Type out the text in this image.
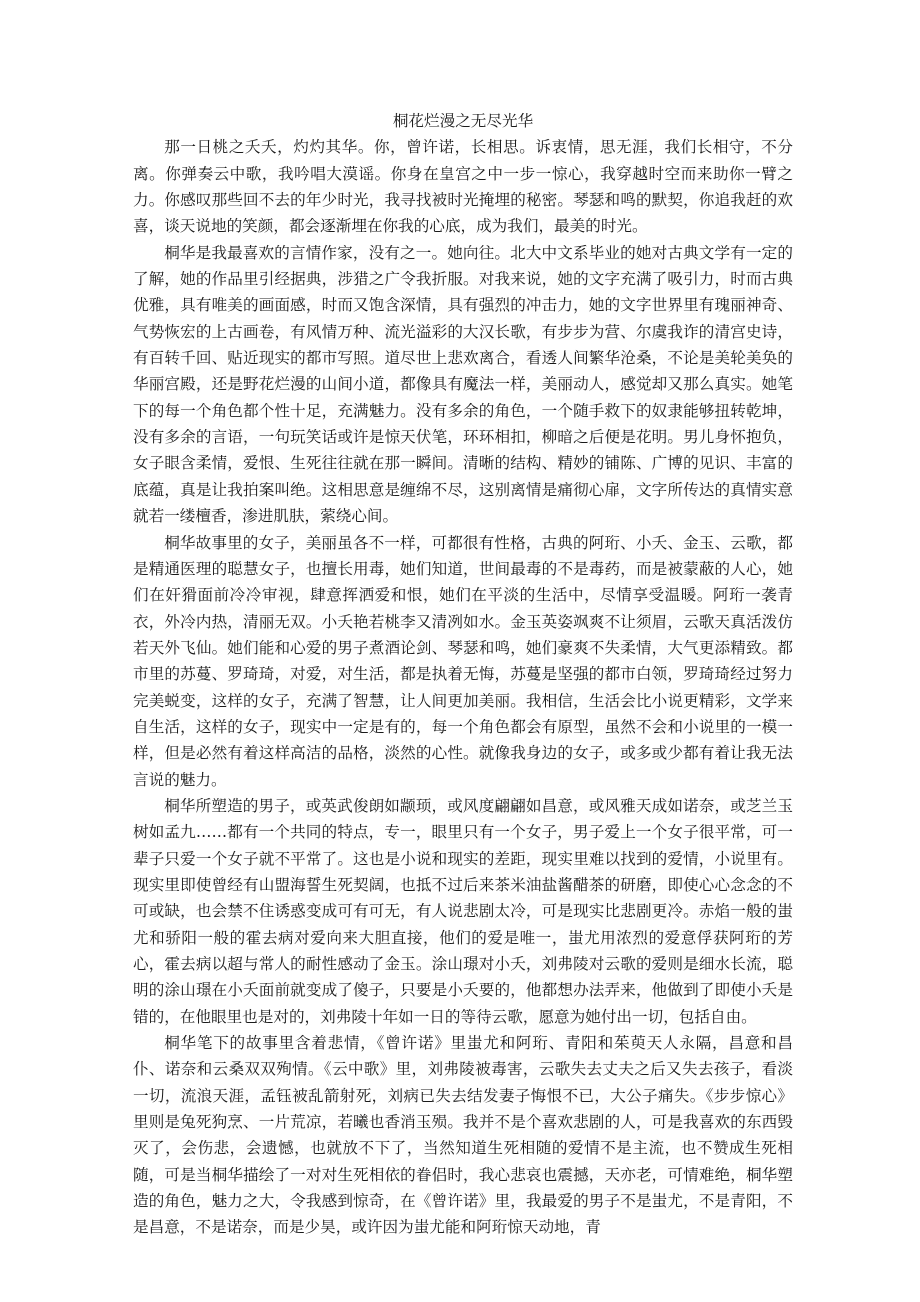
桐花烂漫之无尽光华

那一日桃之夭夭，灼灼其华。你，曾许诺，长相思。诉衷情，思无涯，我们长相守，不分离。你弹奏云中歌，我吟唱大漠谣。你身在皇宫之中一步一惊心，我穿越时空而来助你一臂之力。你感叹那些回不去的年少时光，我寻找被时光掩埋的秘密。琴瑟和鸣的默契，你追我赶的欢喜，谈天说地的笑颜，都会逐渐埋在你我的心底，成为我们，最美的时光。

桐华是我最喜欢的言情作家，没有之一。她向往。北大中文系毕业的她对古典文学有一定的了解，她的作品里引经据典，涉猎之广令我折服。对我来说，她的文字充满了吸引力，时而古典优雅，具有唯美的画面感，时而又饱含深情，具有强烈的冲击力，她的文字世界里有瑰丽神奇、气势恢宏的上古画卷，有风情万种、流光溢彩的大汉长歌，有步步为营、尔虞我诈的清宫史诗，有百转千回、贴近现实的都市写照。道尽世上悲欢离合，看透人间繁华沧桑，不论是美轮美奂的华丽宫殿，还是野花烂漫的山间小道，都像具有魔法一样，美丽动人，感觉却又那么真实。她笔下的每一个角色都个性十足，充满魅力。没有多余的角色，一个随手救下的奴隶能够扭转乾坤，没有多余的言语，一句玩笑话或许是惊天伏笔，环环相扣，柳暗之后便是花明。男儿身怀抱负，女子眼含柔情，爱恨、生死往往就在那一瞬间。清晰的结构、精妙的铺陈、广博的见识、丰富的底蕴，真是让我拍案叫绝。这相思意是缠绵不尽，这别离情是痛彻心扉，文字所传达的真情实意就若一缕檀香，渗进肌肤，萦绕心间。

桐华故事里的女子，美丽虽各不一样，可都很有性格，古典的阿珩、小夭、金玉、云歌，都是精通医理的聪慧女子，也擅长用毒，她们知道，世间最毒的不是毒药，而是被蒙蔽的人心，她们在奸猾面前冷冷审视，肆意挥洒爱和恨，她们在平淡的生活中，尽情享受温暖。阿珩一袭青衣，外冷内热，清丽无双。小夭艳若桃李又清冽如水。金玉英姿飒爽不让须眉，云歌天真活泼仿若天外飞仙。她们能和心爱的男子煮酒论剑、琴瑟和鸣，她们豪爽不失柔情，大气更添精致。都市里的苏蔓、罗琦琦，对爱，对生活，都是执着无悔，苏蔓是坚强的都市白领，罗琦琦经过努力完美蜕变，这样的女子，充满了智慧，让人间更加美丽。我相信，生活会比小说更精彩，文学来自生活，这样的女子，现实中一定是有的，每一个角色都会有原型，虽然不会和小说里的一模一样，但是必然有着这样高洁的品格，淡然的心性。就像我身边的女子，或多或少都有着让我无法言说的魅力。

桐华所塑造的男子，或英武俊朗如颛顼，或风度翩翩如昌意，或风雅天成如诺奈，或芝兰玉树如孟九……都有一个共同的特点，专一，眼里只有一个女子，男子爱上一个女子很平常，可一辈子只爱一个女子就不平常了。这也是小说和现实的差距，现实里难以找到的爱情，小说里有。现实里即使曾经有山盟海誓生死契阔，也抵不过后来茶米油盐酱醋茶的研磨，即使心心念念的不可或缺，也会禁不住诱惑变成可有可无，有人说悲剧太冷，可是现实比悲剧更冷。赤焰一般的蚩尤和骄阳一般的霍去病对爱向来大胆直接，他们的爱是唯一，蚩尤用浓烈的爱意俘获阿珩的芳心，霍去病以超与常人的耐性感动了金玉。涂山璟对小夭，刘弗陵对云歌的爱则是细水长流，聪明的涂山璟在小夭面前就变成了傻子，只要是小夭要的，他都想办法弄来，他做到了即使小夭是错的，在他眼里也是对的，刘弗陵十年如一日的等待云歌，愿意为她付出一切，包括自由。

桐华笔下的故事里含着悲情，《曾许诺》里蚩尤和阿珩、青阳和茱萸天人永隔，昌意和昌仆、诺奈和云桑双双殉情。《云中歌》里，刘弗陵被毒害，云歌失去丈夫之后又失去孩子，看淡一切，流浪天涯，孟钰被乱箭射死，刘病已失去结发妻子悔恨不已，大公子痛失。《步步惊心》里则是兔死狗烹、一片荒凉，若曦也香消玉殒。我并不是个喜欢悲剧的人，可是我喜欢的东西毁灭了，会伤悲，会遗憾，也就放不下了，当然知道生死相随的爱情不是主流，也不赞成生死相随，可是当桐华描绘了一对对生死相依的眷侣时，我心悲哀也震撼，天亦老，可情难绝，桐华塑造的角色，魅力之大，令我感到惊奇，在《曾许诺》里，我最爱的男子不是蚩尤，不是青阳，不是昌意，不是诺奈，而是少昊，或许因为蚩尤能和阿珩惊天动地，青
